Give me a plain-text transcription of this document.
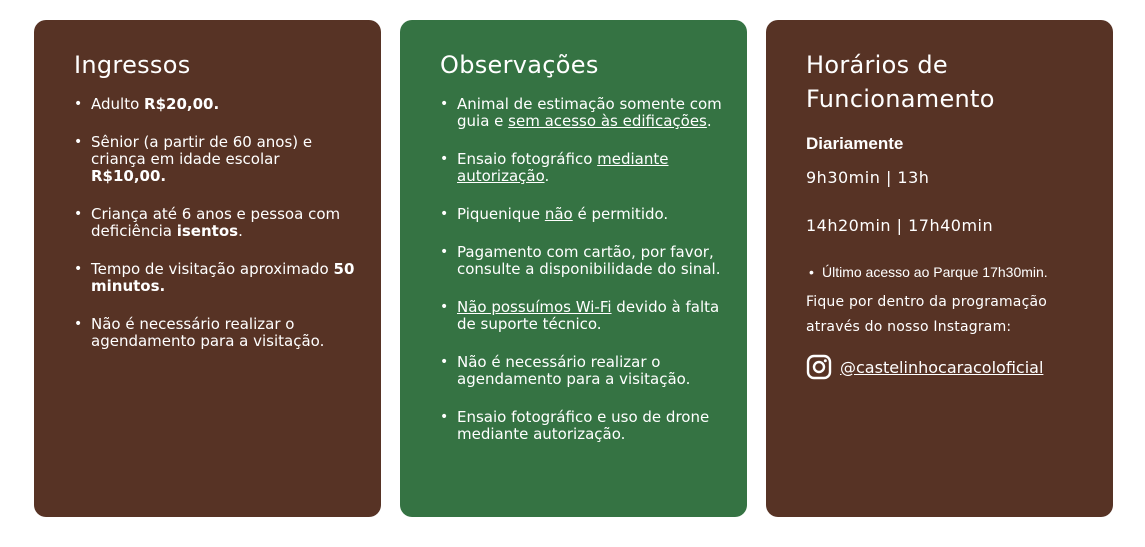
Ingressos
• Adulto R$20,00.
• Sênior (a partir de 60 anos) e criança em idade escolar R$10,00.
• Criança até 6 anos e pessoa com deficiência isentos.
• Tempo de visitação aproximado 50 minutos.
• Não é necessário realizar o agendamento para a visitação.
Observações
• Animal de estimação somente com guia e sem acesso às edificações.
• Ensaio fotográfico mediante autorização.
• Piquenique não é permitido.
• Pagamento com cartão, por favor, consulte a disponibilidade do sinal.
• Não possuímos Wi-Fi devido à falta de suporte técnico.
• Não é necessário realizar o agendamento para a visitação.
• Ensaio fotográfico e uso de drone mediante autorização.
Horários de
Funcionamento
Diariamente
9h30min | 13h
14h20min | 17h40min
• Último acesso ao Parque 17h30min.
Fique por dentro da programação
através do nosso Instagram:
@castelinhocaracoloficial
